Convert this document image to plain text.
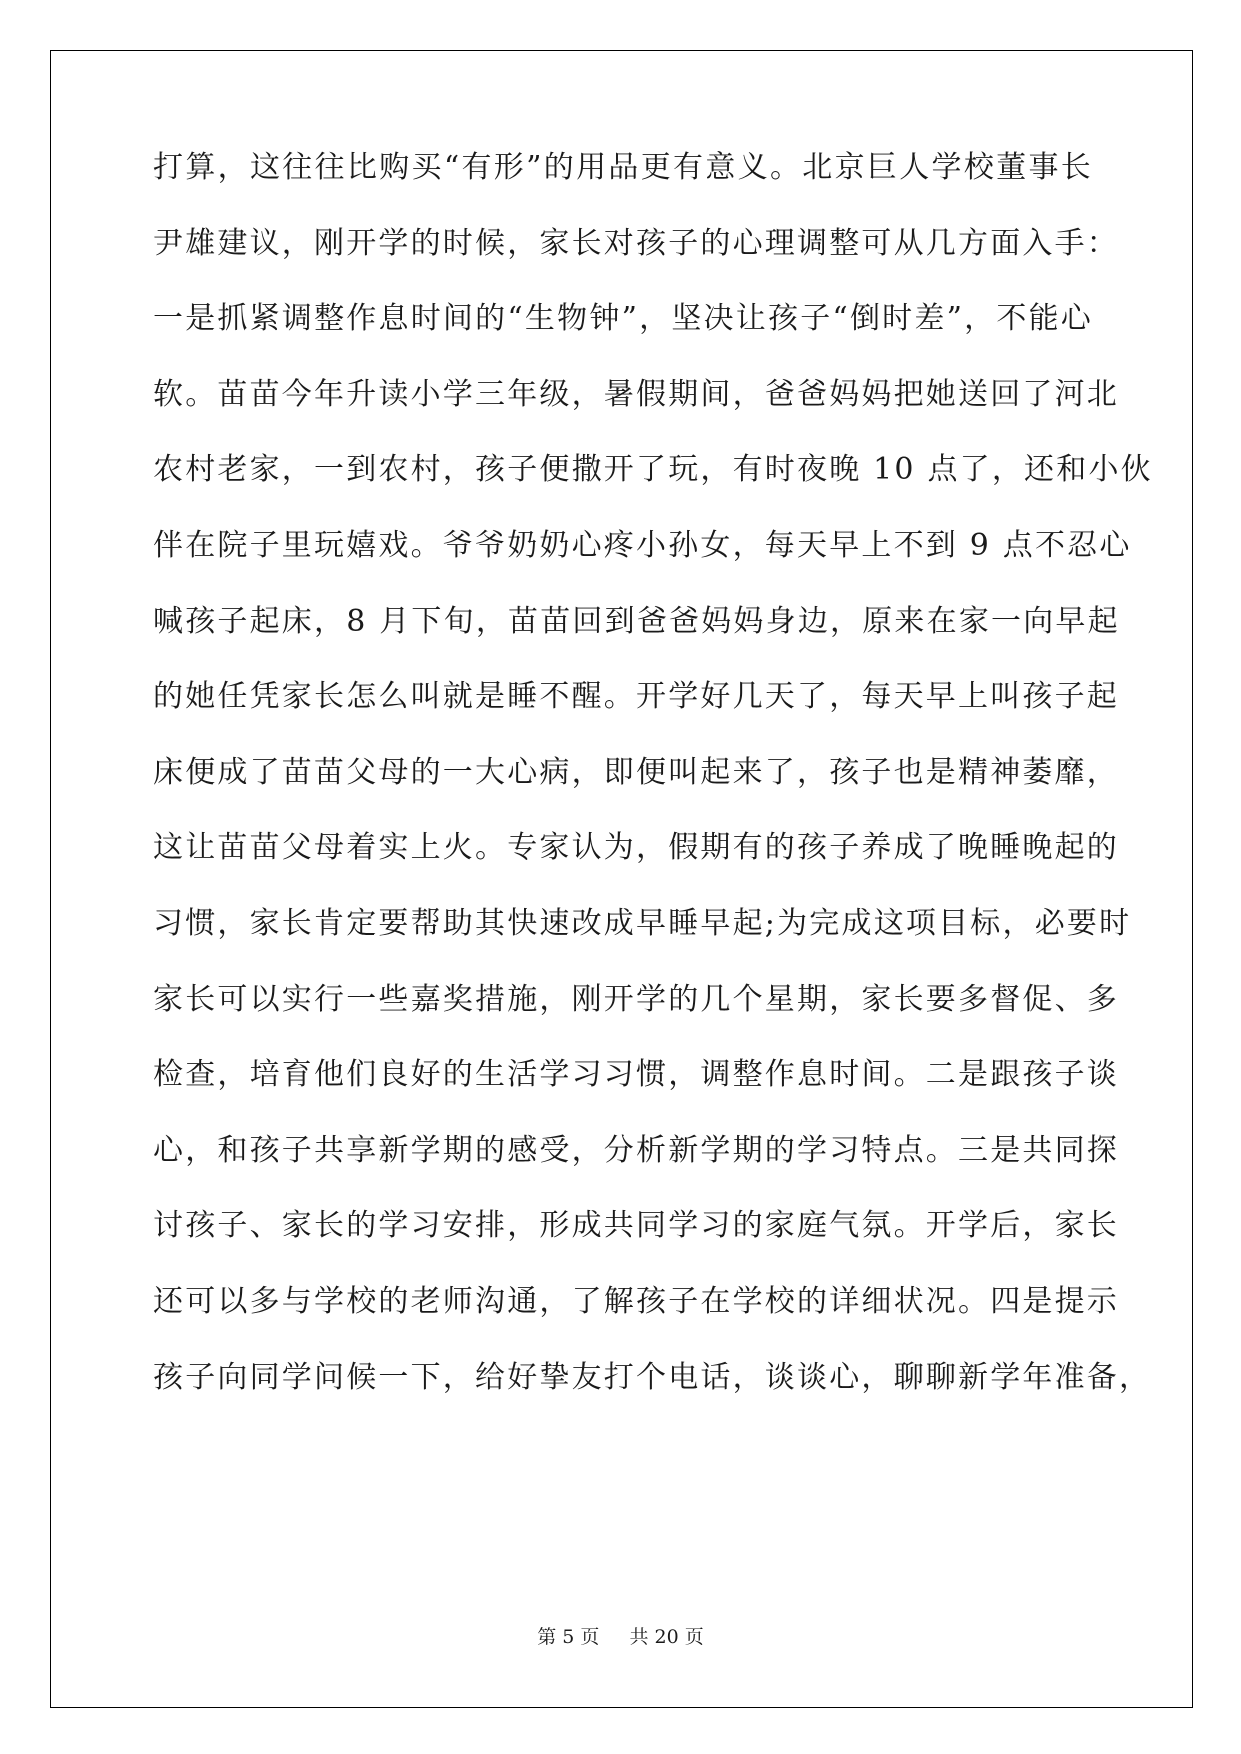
打算，这往往比购买“有形”的用品更有意义。北京巨人学校董事长
尹雄建议，刚开学的时候，家长对孩子的心理调整可从几方面入手：
一是抓紧调整作息时间的“生物钟”，坚决让孩子“倒时差”，不能心
软。苗苗今年升读小学三年级，暑假期间，爸爸妈妈把她送回了河北
农村老家，一到农村，孩子便撒开了玩，有时夜晚 10 点了，还和小伙
伴在院子里玩嬉戏。爷爷奶奶心疼小孙女，每天早上不到 9 点不忍心
喊孩子起床，8 月下旬，苗苗回到爸爸妈妈身边，原来在家一向早起
的她任凭家长怎么叫就是睡不醒。开学好几天了，每天早上叫孩子起
床便成了苗苗父母的一大心病，即便叫起来了，孩子也是精神萎靡，
这让苗苗父母着实上火。专家认为，假期有的孩子养成了晚睡晚起的
习惯，家长肯定要帮助其快速改成早睡早起;为完成这项目标，必要时
家长可以实行一些嘉奖措施，刚开学的几个星期，家长要多督促、多
检查，培育他们良好的生活学习习惯，调整作息时间。二是跟孩子谈
心，和孩子共享新学期的感受，分析新学期的学习特点。三是共同探
讨孩子、家长的学习安排，形成共同学习的家庭气氛。开学后，家长
还可以多与学校的老师沟通，了解孩子在学校的详细状况。四是提示
孩子向同学问候一下，给好挚友打个电话，谈谈心，聊聊新学年准备，
第 5 页 共 20 页
